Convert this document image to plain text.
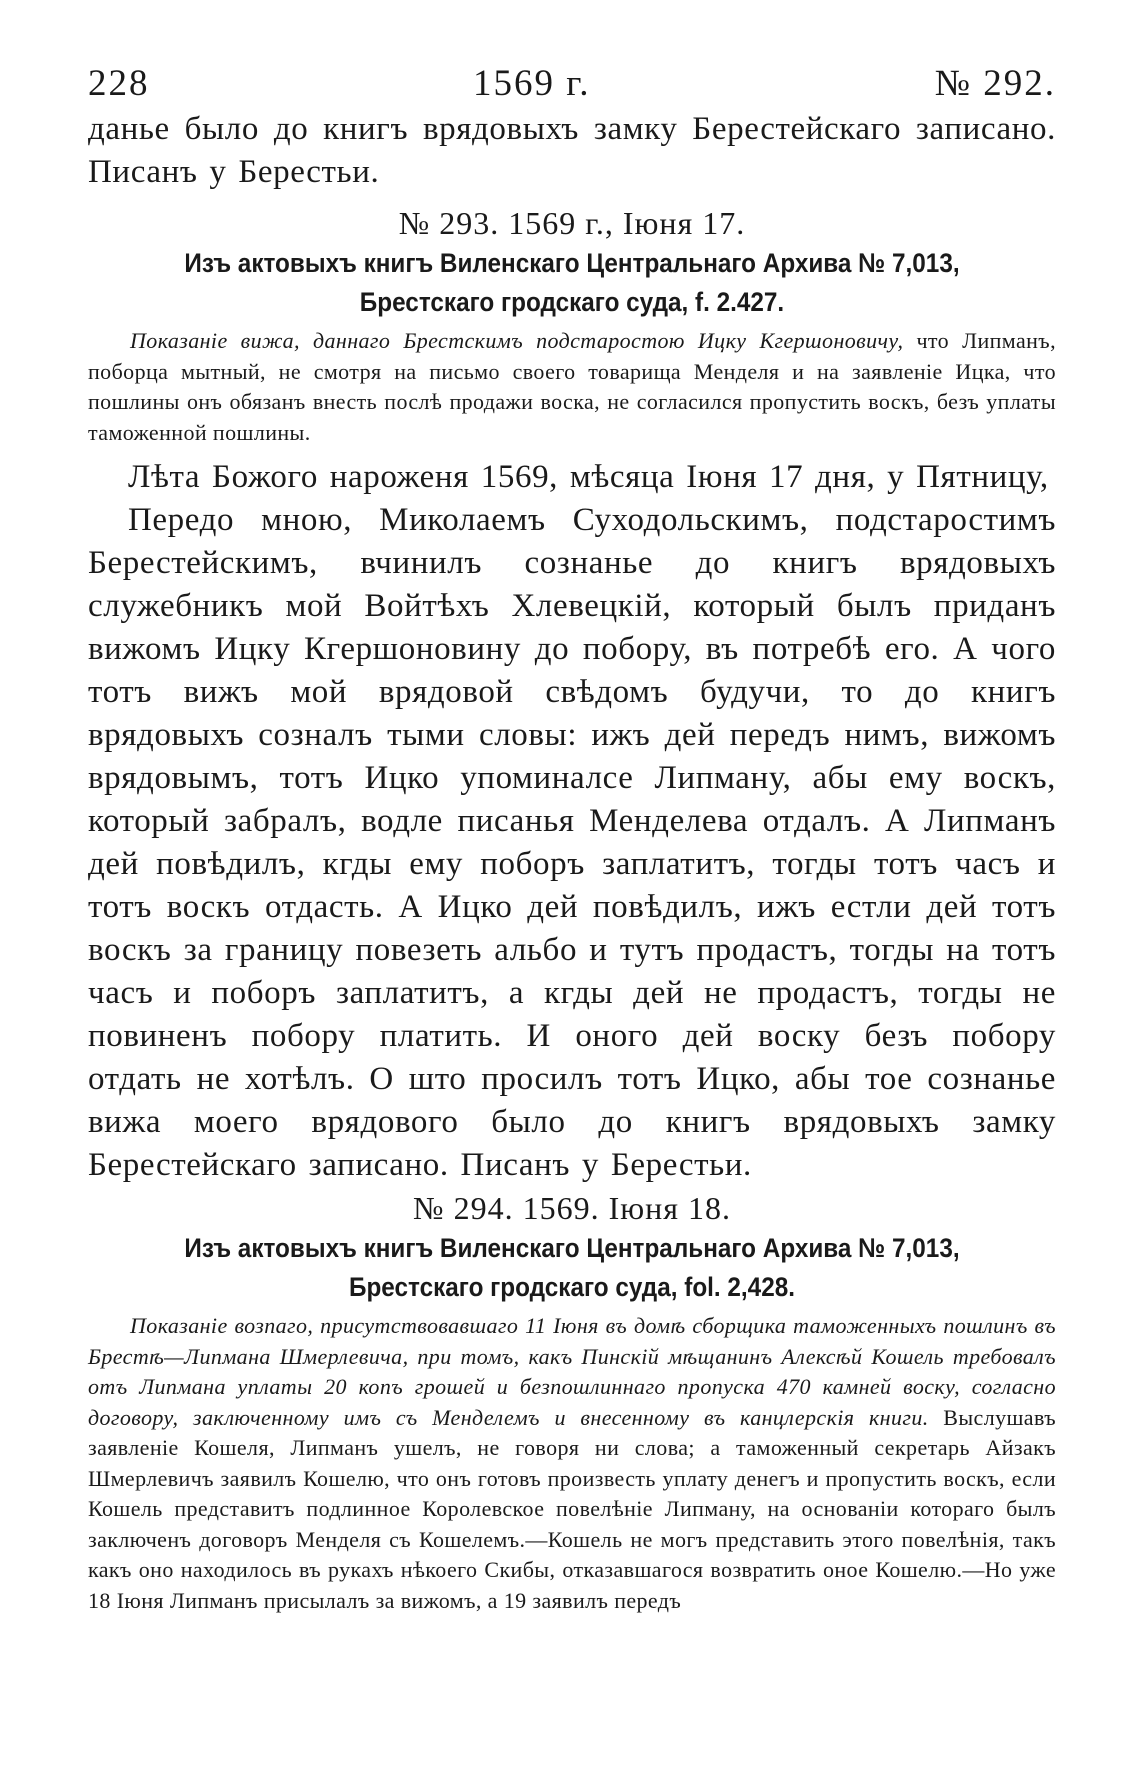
228	1569 г.	№ 292.

данье было до книгъ врядовыхъ замку Берестейскаго записано. Писанъ у Берестьи.

№ 293. 1569 г., Іюня 17.

Изъ актовыхъ книгъ Виленскаго Центральнаго Архива № 7,013, Брестскаго гродскаго суда, f. 2.427.

Показаніе вижа, даннаго Брестскимъ подстаростою Ицку Кгершоновичу, что Липманъ, поборца мытный, не смотря на письмо своего товарища Менделя и на заявленіе Ицка, что пошлины онъ обязанъ внесть послѣ продажи воска, не согласился пропустить воскъ, безъ уплаты таможенной пошлины.

Лѣта Божого нароженя 1569, мѣсяца Іюня 17 дня, у Пятницу,

Передо мною, Миколаемъ Суходольскимъ, подстаростимъ Берестейскимъ, вчинилъ сознанье до книгъ врядовыхъ служебникъ мой Войтѣхъ Хлевецкій, который былъ приданъ вижомъ Ицку Кгершоновину до побору, въ потребѣ его. А чого тотъ вижъ мой врядовой свѣдомъ будучи, то до книгъ врядовыхъ созналъ тыми словы: ижъ дей передъ нимъ, вижомъ врядовымъ, тотъ Ицко упоминалсе Липману, абы ему воскъ, который забралъ, водле писанья Менделева отдалъ. А Липманъ дей повѣдилъ, кгды ему поборъ заплатитъ, тогды тотъ часъ и тотъ воскъ отдасть. А Ицко дей повѣдилъ, ижъ естли дей тотъ воскъ за границу повезеть альбо и тутъ продастъ, тогды на тотъ часъ и поборъ заплатитъ, а кгды дей не продастъ, тогды не повиненъ побору платить. И оного дей воску безъ побору отдать не хотѣлъ. О што просилъ тотъ Ицко, абы тое сознанье вижа моего врядового было до книгъ врядовыхъ замку Берестейскаго записано. Писанъ у Берестьи.

№ 294. 1569. Іюня 18.

Изъ актовыхъ книгъ Виленскаго Центральнаго Архива № 7,013, Брестскаго гродскаго суда, fol. 2,428.

Показаніе возпаго, присутствовавшаго 11 Іюня въ домѣ сборщика таможенныхъ пошлинъ въ Брестѣ—Липмана Шмерлевича, при томъ, какъ Пинскій мѣщанинъ Алексѣй Кошель требовалъ отъ Липмана уплаты 20 копъ грошей и безпошлиннаго пропуска 470 камней воску, согласно договору, заключенному имъ съ Менделемъ и внесенному въ канцлерскія книги. Выслушавъ заявленіе Кошеля, Липманъ ушелъ, не говоря ни слова; а таможенный секретарь Айзакъ Шмерлевичъ заявилъ Кошелю, что онъ готовъ произвесть уплату денегъ и пропустить воскъ, если Кошель представитъ подлинное Королевское повелѣніе Липману, на основаніи котораго былъ заключенъ договоръ Менделя съ Кошелемъ.—Кошель не могъ представить этого повелѣнія, такъ какъ оно находилось въ рукахъ нѣкоего Скибы, отказавшагося возвратить оное Кошелю.—Но уже 18 Іюня Липманъ присылалъ за вижомъ, а 19 заявилъ передъ
